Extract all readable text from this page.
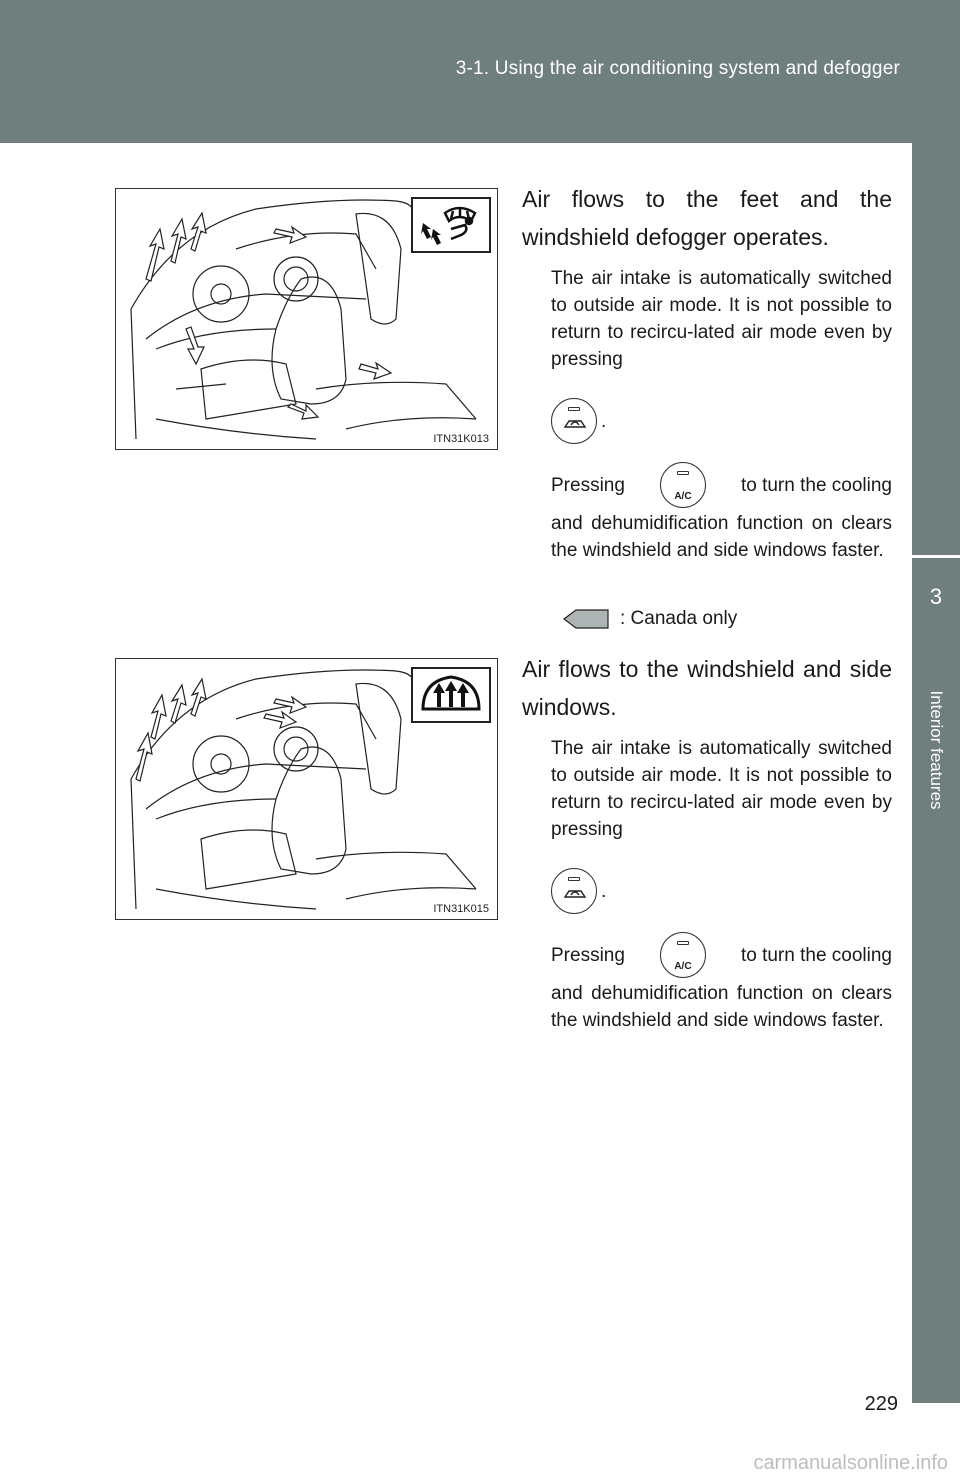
3-1. Using the air conditioning system and defogger
3
Interior features
ITN31K013
Air flows to the feet and the windshield defogger operates.
The air intake is automatically switched to outside air mode. It is not possible to return to recircu-lated air mode even by pressing
.
Pressing
A/C
to turn the cooling
and dehumidification function on clears the windshield and side windows faster.
: Canada only
ITN31K015
Air flows to the windshield and side windows.
The air intake is automatically switched to outside air mode. It is not possible to return to recircu-lated air mode even by pressing
.
Pressing
A/C
to turn the cooling
and dehumidification function on clears the windshield and side windows faster.
229
carmanualsonline.info
